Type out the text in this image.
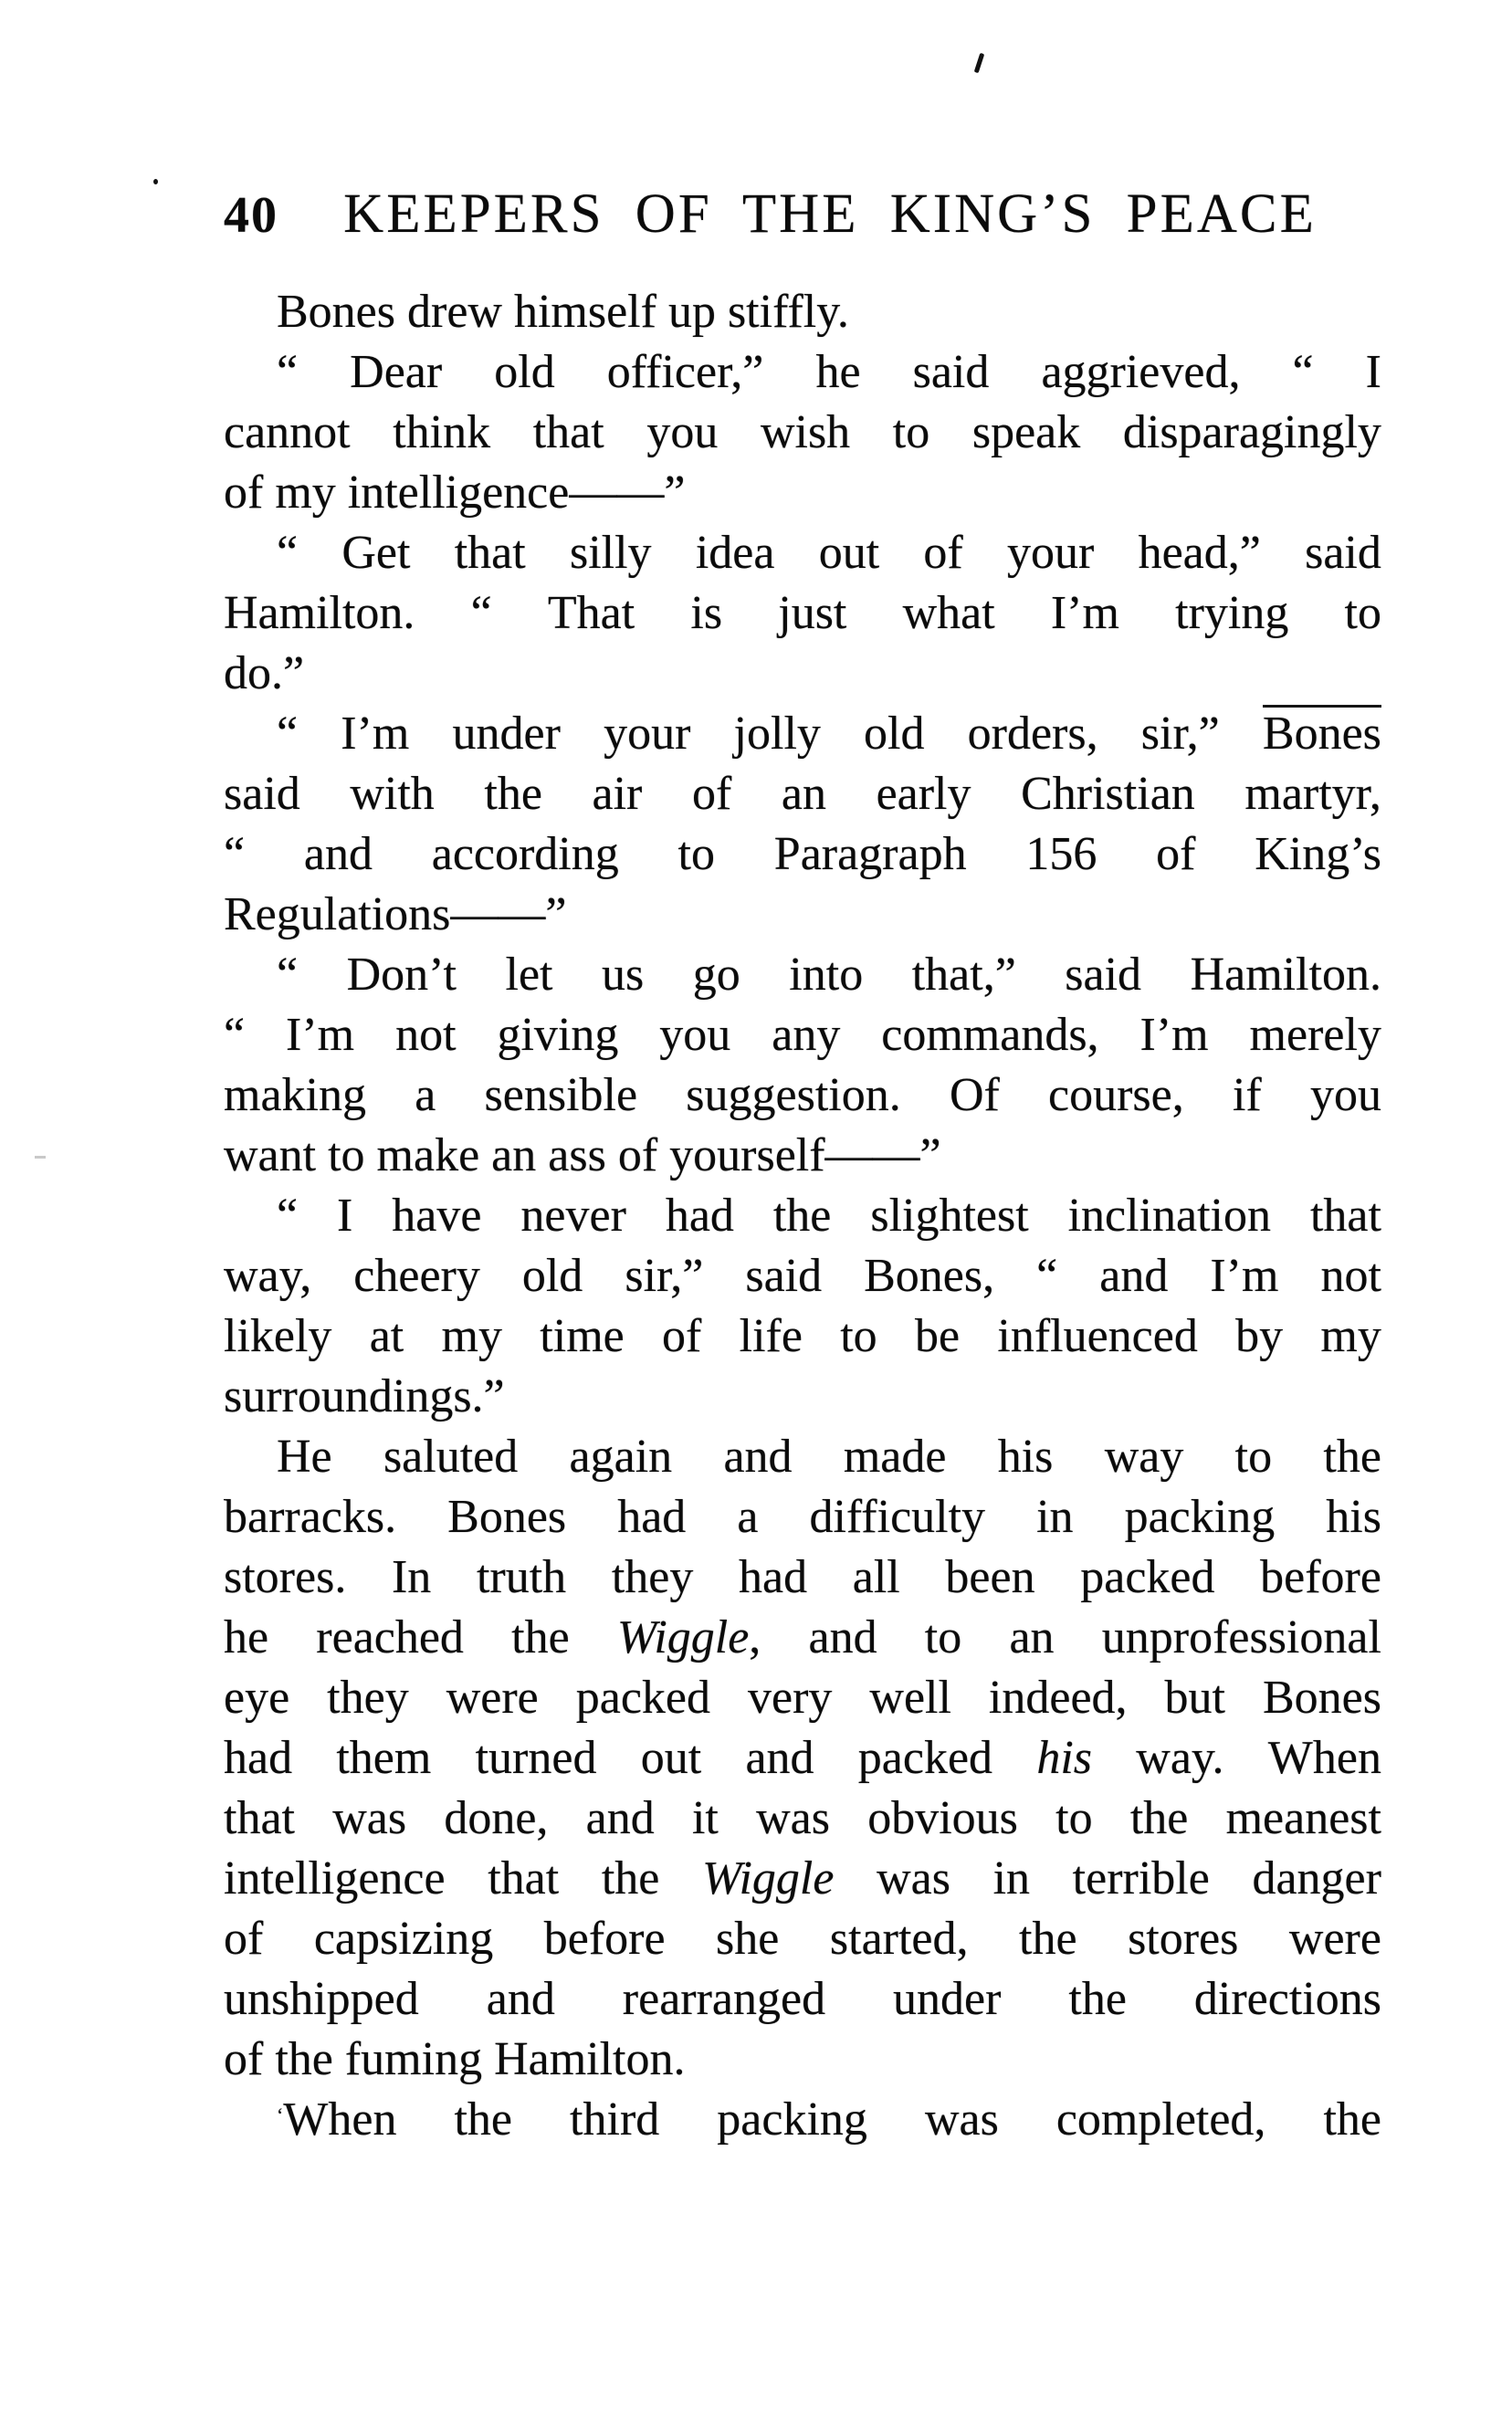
40 KEEPERS OF THE KING’S PEACE
Bones drew himself up stiffly.
“ Dear old officer,” he said aggrieved, “ I
cannot think that you wish to speak disparagingly
of my intelligence——”
“ Get that silly idea out of your head,” said
Hamilton. “ That is just what I’m trying to
do.”
“ I’m under your jolly old orders, sir,” Bones
said with the air of an early Christian martyr,
“ and according to Paragraph 156 of King’s
Regulations——”
“ Don’t let us go into that,” said Hamilton.
“ I’m not giving you any commands, I’m merely
making a sensible suggestion. Of course, if you
want to make an ass of yourself——”
“ I have never had the slightest inclination that
way, cheery old sir,” said Bones, “ and I’m not
likely at my time of life to be influenced by my
surroundings.”
He saluted again and made his way to the
barracks. Bones had a difficulty in packing his
stores. In truth they had all been packed before
he reached the Wiggle, and to an unprofessional
eye they were packed very well indeed, but Bones
had them turned out and packed his way. When
that was done, and it was obvious to the meanest
intelligence that the Wiggle was in terrible danger
of capsizing before she started, the stores were
unshipped and rearranged under the directions
of the fuming Hamilton.
$^ʻ$When the third packing was completed, the
